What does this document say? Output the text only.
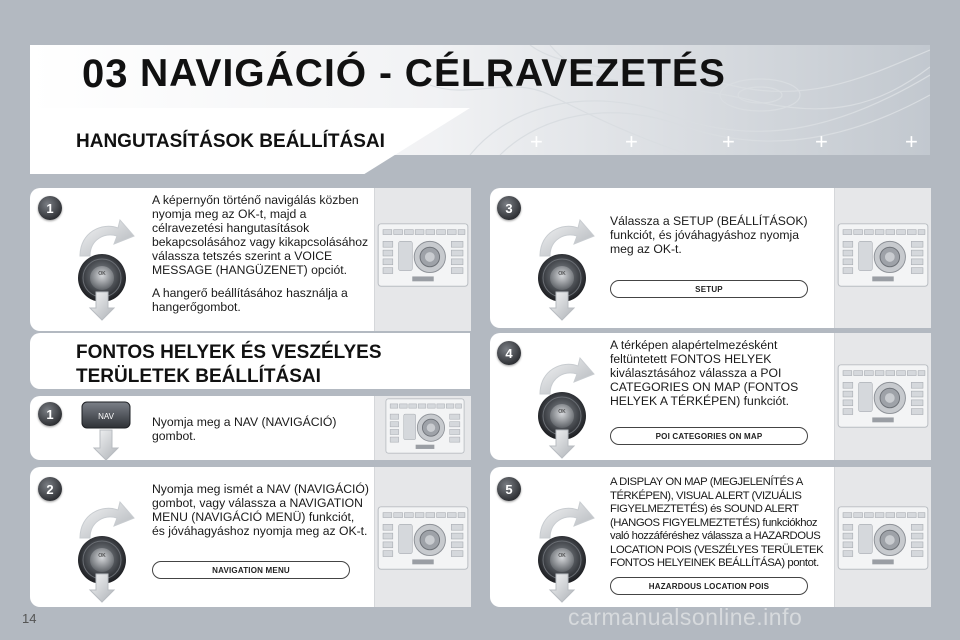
+	+	+	+	+
03 NAVIGÁCIÓ - CÉLRAVEZETÉS
HANGUTASÍTÁSOK BEÁLLÍTÁSAI
1

A képernyőn történő navigálás közben nyomja meg az OK-t, majd a célravezetési hangutasítások bekapcsolásához vagy kikapcsolásához válassza tetszés szerint a VOICE MESSAGE (HANGÜZENET) opciót.

A hangerő beállításához használja a hangerőgombot.

FONTOS HELYEK ÉS VESZÉLYES
TERÜLETEK BEÁLLÍTÁSAI
1	NAV	Nyomja meg a NAV (NAVIGÁCIÓ) gombot.
2	Nyomja meg ismét a NAV (NAVIGÁCIÓ) gombot, vagy válassza a NAVIGATION MENU (NAVIGÁCIÓ MENÜ) funkciót, és jóváhagyáshoz nyomja meg az OK-t.
NAVIGATION MENU
3
Válassza a SETUP (BEÁLLÍTÁSOK) funkciót, és jóváhagyáshoz nyomja meg az OK-t.
SETUP
4
A térképen alapértelmezésként feltüntetett FONTOS HELYEK kiválasztásához válassza a POI CATEGORIES ON MAP (FONTOS HELYEK A TÉRKÉPEN) funkciót.
POI CATEGORIES ON MAP
5	A DISPLAY ON MAP (MEGJELENÍTÉS A TÉRKÉPEN), VISUAL ALERT (VIZUÁLIS FIGYELMEZTETÉS) és SOUND ALERT (HANGOS FIGYELMEZTETÉS) funkciókhoz való hozzáféréshez válassza a HAZARDOUS LOCATION POIS (VESZÉLYES TERÜLETEK FONTOS HELYEINEK BEÁLLÍTÁSA) pontot.
HAZARDOUS LOCATION POIS
14	carmanualsonline.info
